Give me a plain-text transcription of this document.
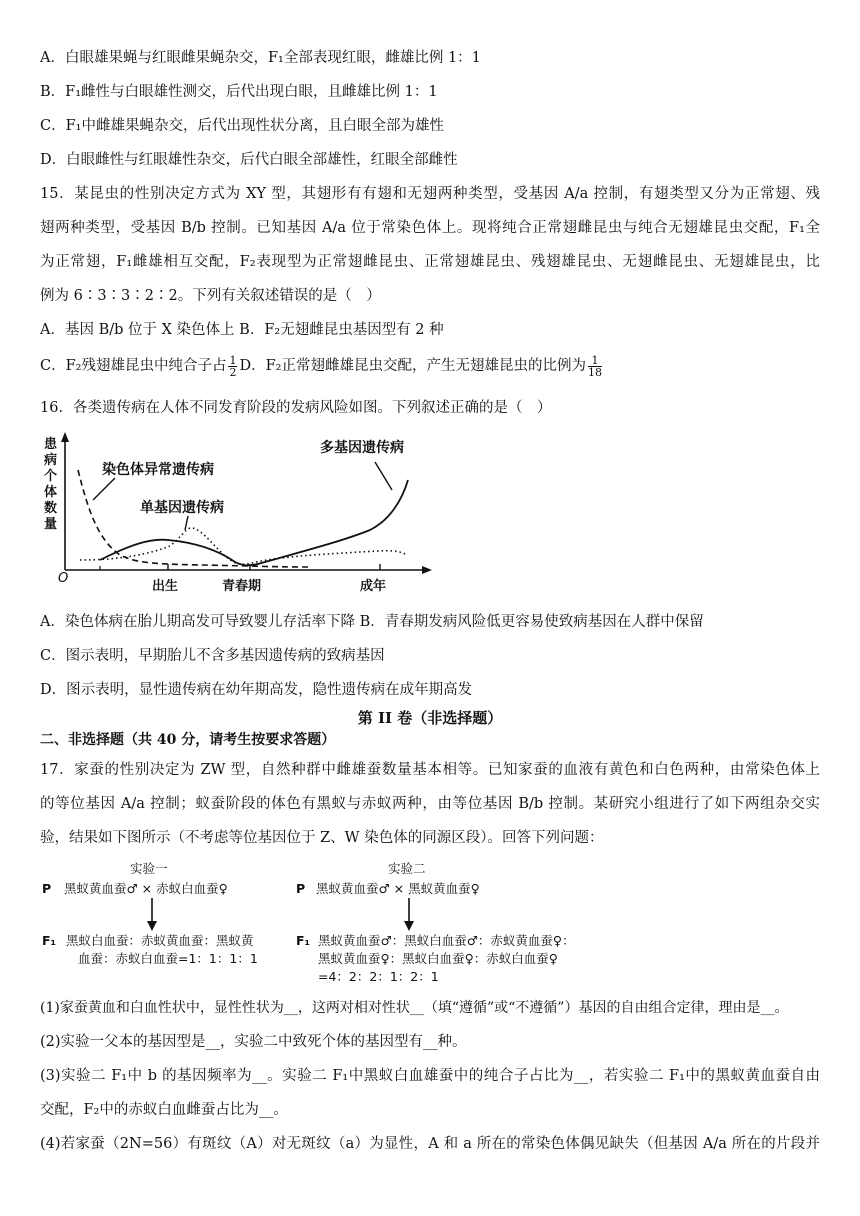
A．白眼雄果蝇与红眼雌果蝇杂交，F₁全部表现红眼，雌雄比例 1：1
B．F₁雌性与白眼雄性测交，后代出现白眼，且雌雄比例 1：1
C．F₁中雌雄果蝇杂交，后代出现性状分离，且白眼全部为雄性
D．白眼雌性与红眼雄性杂交，后代白眼全部雄性，红眼全部雌性
15．某昆虫的性别决定方式为 XY 型，其翅形有有翅和无翅两种类型，受基因 A/a 控制，有翅类型又分为正常翅、残
翅两种类型，受基因 B/b 控制。已知基因 A/a 位于常染色体上。现将纯合正常翅雌昆虫与纯合无翅雄昆虫交配，F₁全
为正常翅，F₁雌雄相互交配，F₂表现型为正常翅雌昆虫、正常翅雄昆虫、残翅雄昆虫、无翅雌昆虫、无翅雄昆虫，比
例为 6∶3∶3∶2∶2。下列有关叙述错误的是（　）
A．基因 B/b 位于 X 染色体上 B．F₂无翅雌昆虫基因型有 2 种
C．F₂残翅雄昆虫中纯合子占 $\frac{1}{2}$ D．F₂正常翅雌雄昆虫交配，产生无翅雄昆虫的比例为 $\frac{1}{18}$
16．各类遗传病在人体不同发育阶段的发病风险如图。下列叙述正确的是（　）
患病个体数量
O
出生	青春期	成年
染色体异常遗传病
单基因遗传病
多基因遗传病
A．染色体病在胎儿期高发可导致婴儿存活率下降 B．青春期发病风险低更容易使致病基因在人群中保留
C．图示表明，早期胎儿不含多基因遗传病的致病基因
D．图示表明，显性遗传病在幼年期高发，隐性遗传病在成年期高发
第 II 卷（非选择题）
二、非选择题（共 40 分，请考生按要求答题）
17．家蚕的性别决定为 ZW 型，自然种群中雌雄蚕数量基本相等。已知家蚕的血液有黄色和白色两种，由常染色体上
的等位基因 A/a 控制；蚁蚕阶段的体色有黑蚁与赤蚁两种，由等位基因 B/b 控制。某研究小组进行了如下两组杂交实
验，结果如下图所示（不考虑等位基因位于 Z、W 染色体的同源区段）。回答下列问题：
实验一
P 黑蚁黄血蚕♂ × 赤蚁白血蚕♀
F₁ 黑蚁白血蚕：赤蚁黄血蚕：黑蚁黄
血蚕：赤蚁白血蚕=1：1：1：1
实验二
P 黑蚁黄血蚕♂ × 黑蚁黄血蚕♀
F₁ 黑蚁黄血蚕♂：黑蚁白血蚕♂：赤蚁黄血蚕♀：
黑蚁黄血蚕♀：黑蚁白血蚕♀：赤蚁白血蚕♀
=4：2：2：1：2：1
(1)家蚕黄血和白血性状中，显性性状为__，这两对相对性状__（填“遵循”或“不遵循”）基因的自由组合定律，理由是__。
(2)实验一父本的基因型是__，实验二中致死个体的基因型有__种。
(3)实验二 F₁中 b 的基因频率为__。实验二 F₁中黑蚁白血雄蚕中的纯合子占比为__，若实验二 F₁中的黑蚁黄血蚕自由
交配，F₂中的赤蚁白血雌蚕占比为__。
(4)若家蚕（2N=56）有斑纹（A）对无斑纹（a）为显性，A 和 a 所在的常染色体偶见缺失（但基因 A/a 所在的片段并
